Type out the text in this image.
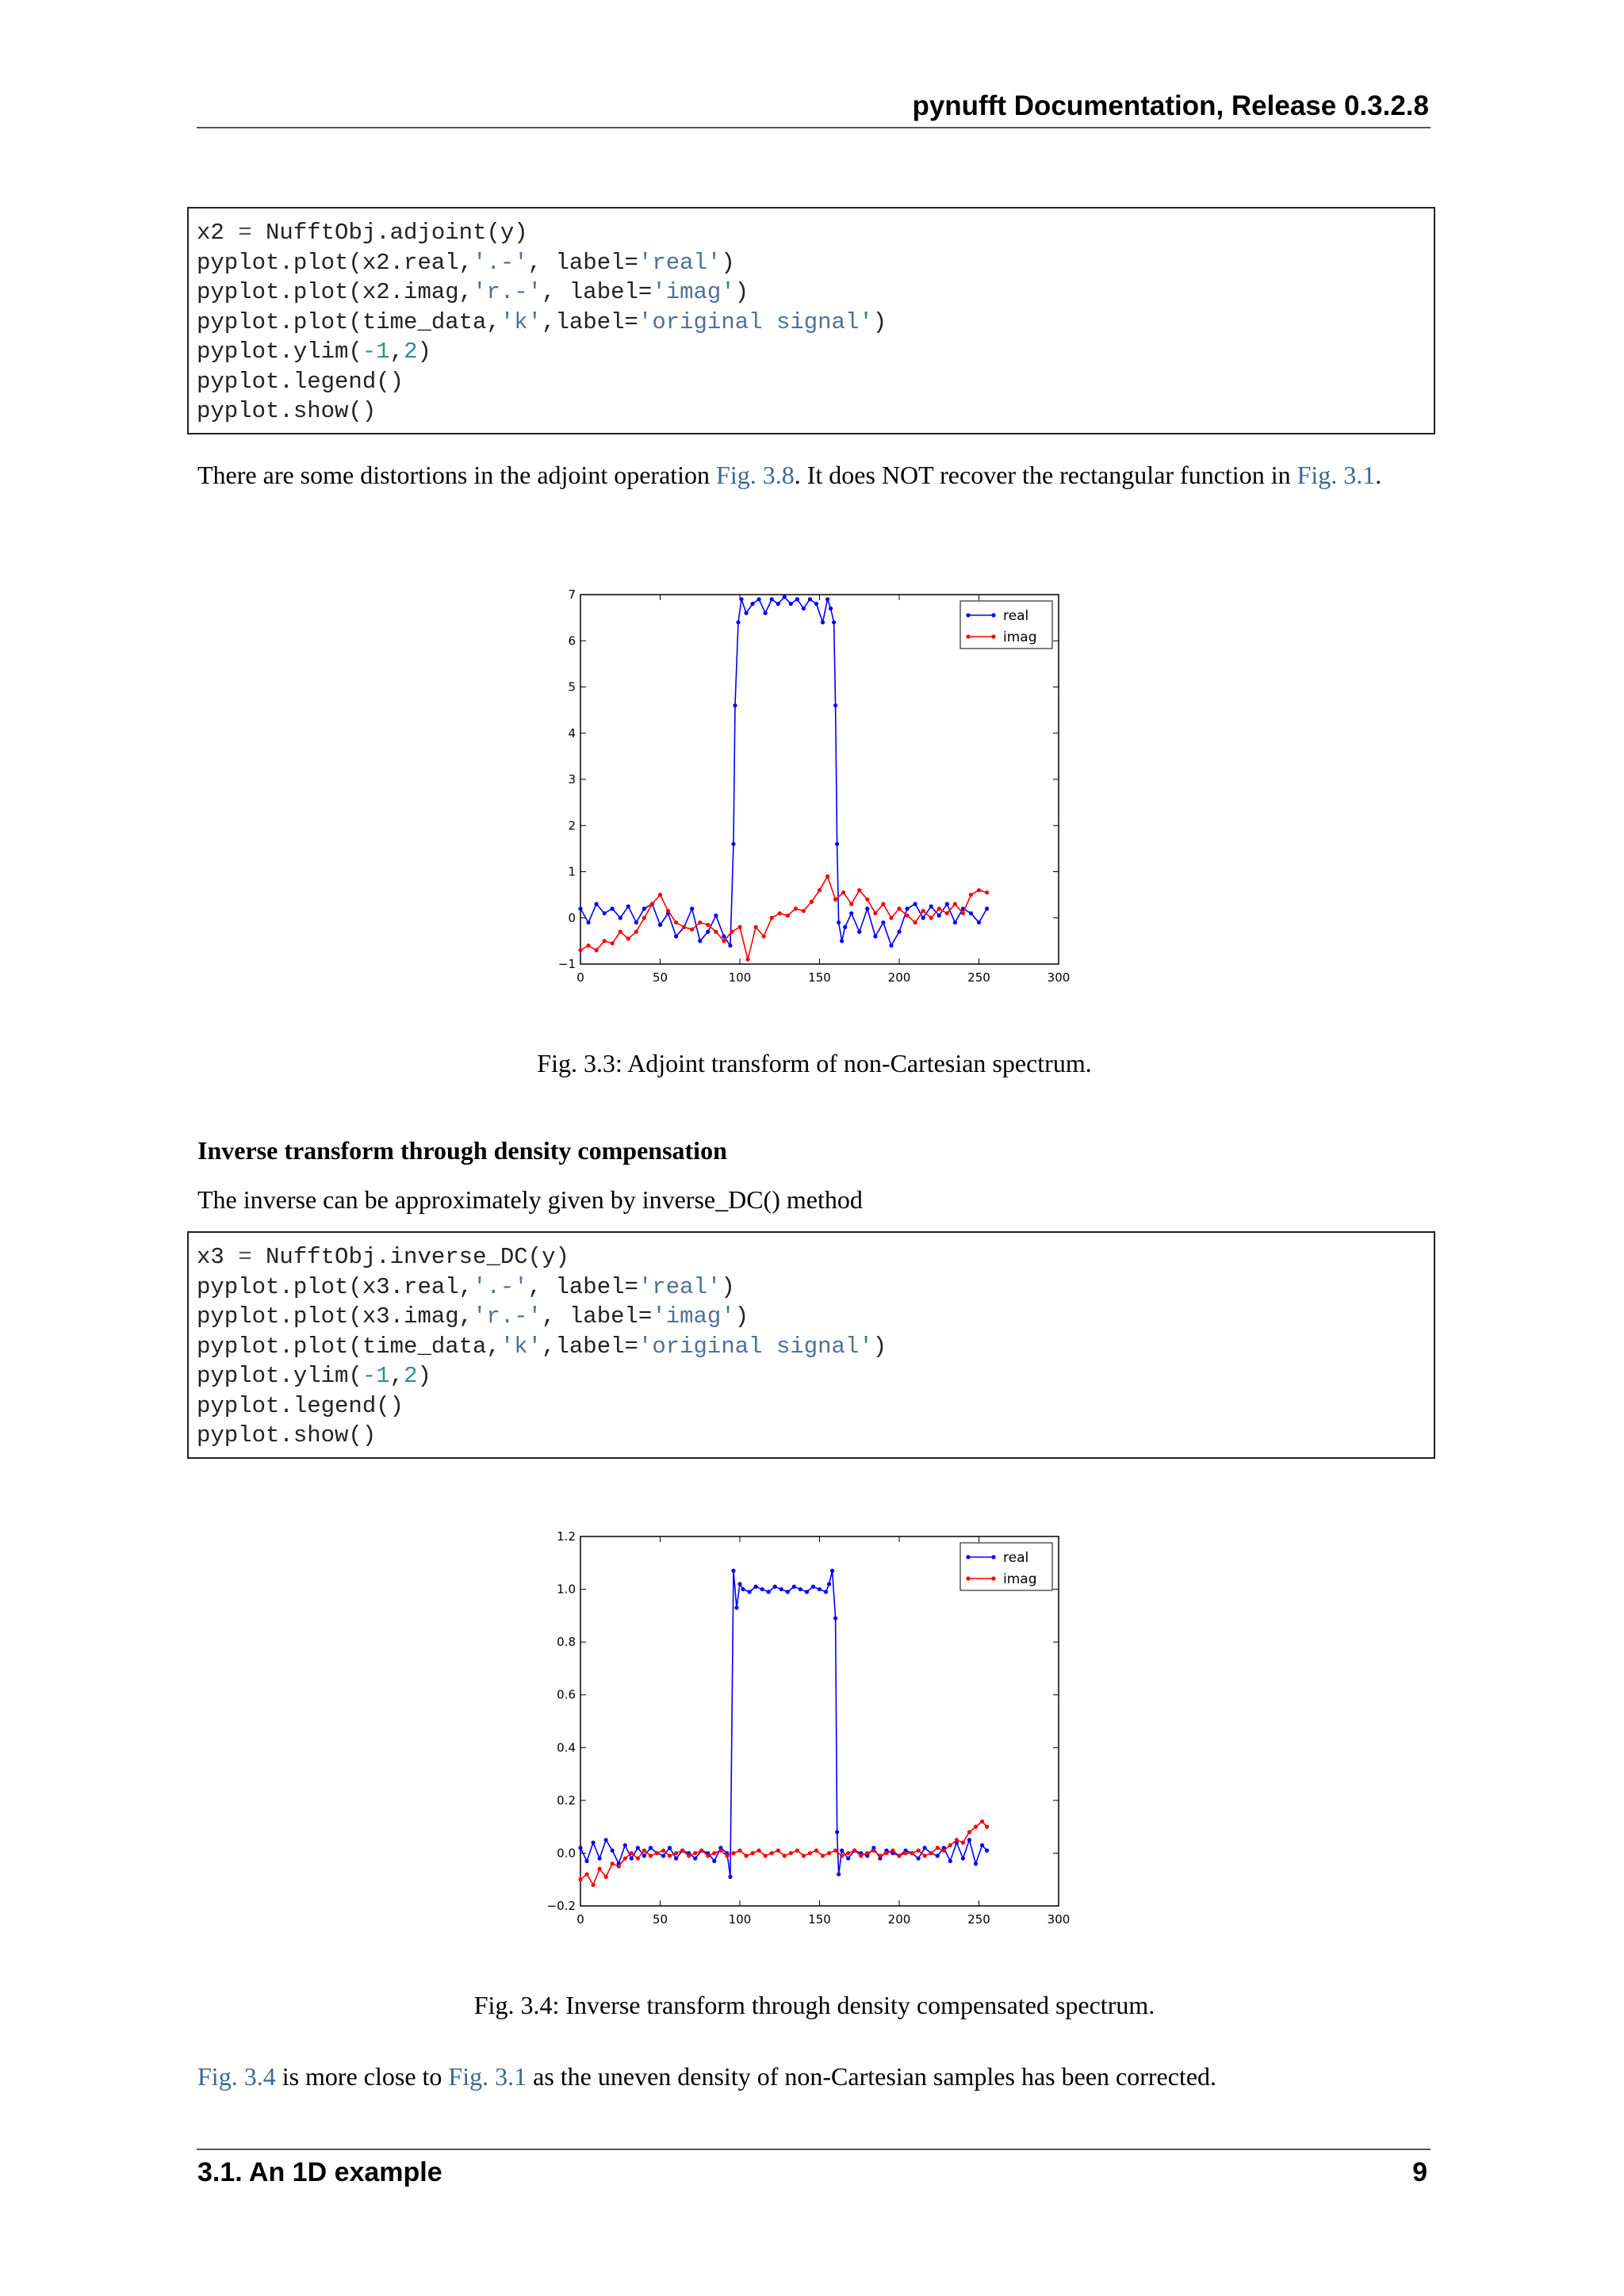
pynufft Documentation, Release 0.3.2.8
x2 = NufftObj.adjoint(y)
pyplot.plot(x2.real,'.-', label='real')
pyplot.plot(x2.imag,'r.-', label='imag')
pyplot.plot(time_data,'k',label='original signal')
pyplot.ylim(-1,2)
pyplot.legend()
pyplot.show()
There are some distortions in the adjoint operation Fig. 3.8. It does NOT recover the rectangular function in Fig. 3.1.
0	50	100	150	200	250	300
−1
0
1
2
3
4
5
6
7
real
imag
Fig. 3.3: Adjoint transform of non-Cartesian spectrum.
Inverse transform through density compensation
The inverse can be approximately given by inverse_DC() method
x3 = NufftObj.inverse_DC(y)
pyplot.plot(x3.real,'.-', label='real')
pyplot.plot(x3.imag,'r.-', label='imag')
pyplot.plot(time_data,'k',label='original signal')
pyplot.ylim(-1,2)
pyplot.legend()
pyplot.show()
0	50	100	150	200	250	300
−0.2
0.0
0.2
0.4
0.6
0.8
1.0
1.2
real
imag
Fig. 3.4: Inverse transform through density compensated spectrum.
Fig. 3.4 is more close to Fig. 3.1 as the uneven density of non-Cartesian samples has been corrected.
3.1. An 1D example	9
